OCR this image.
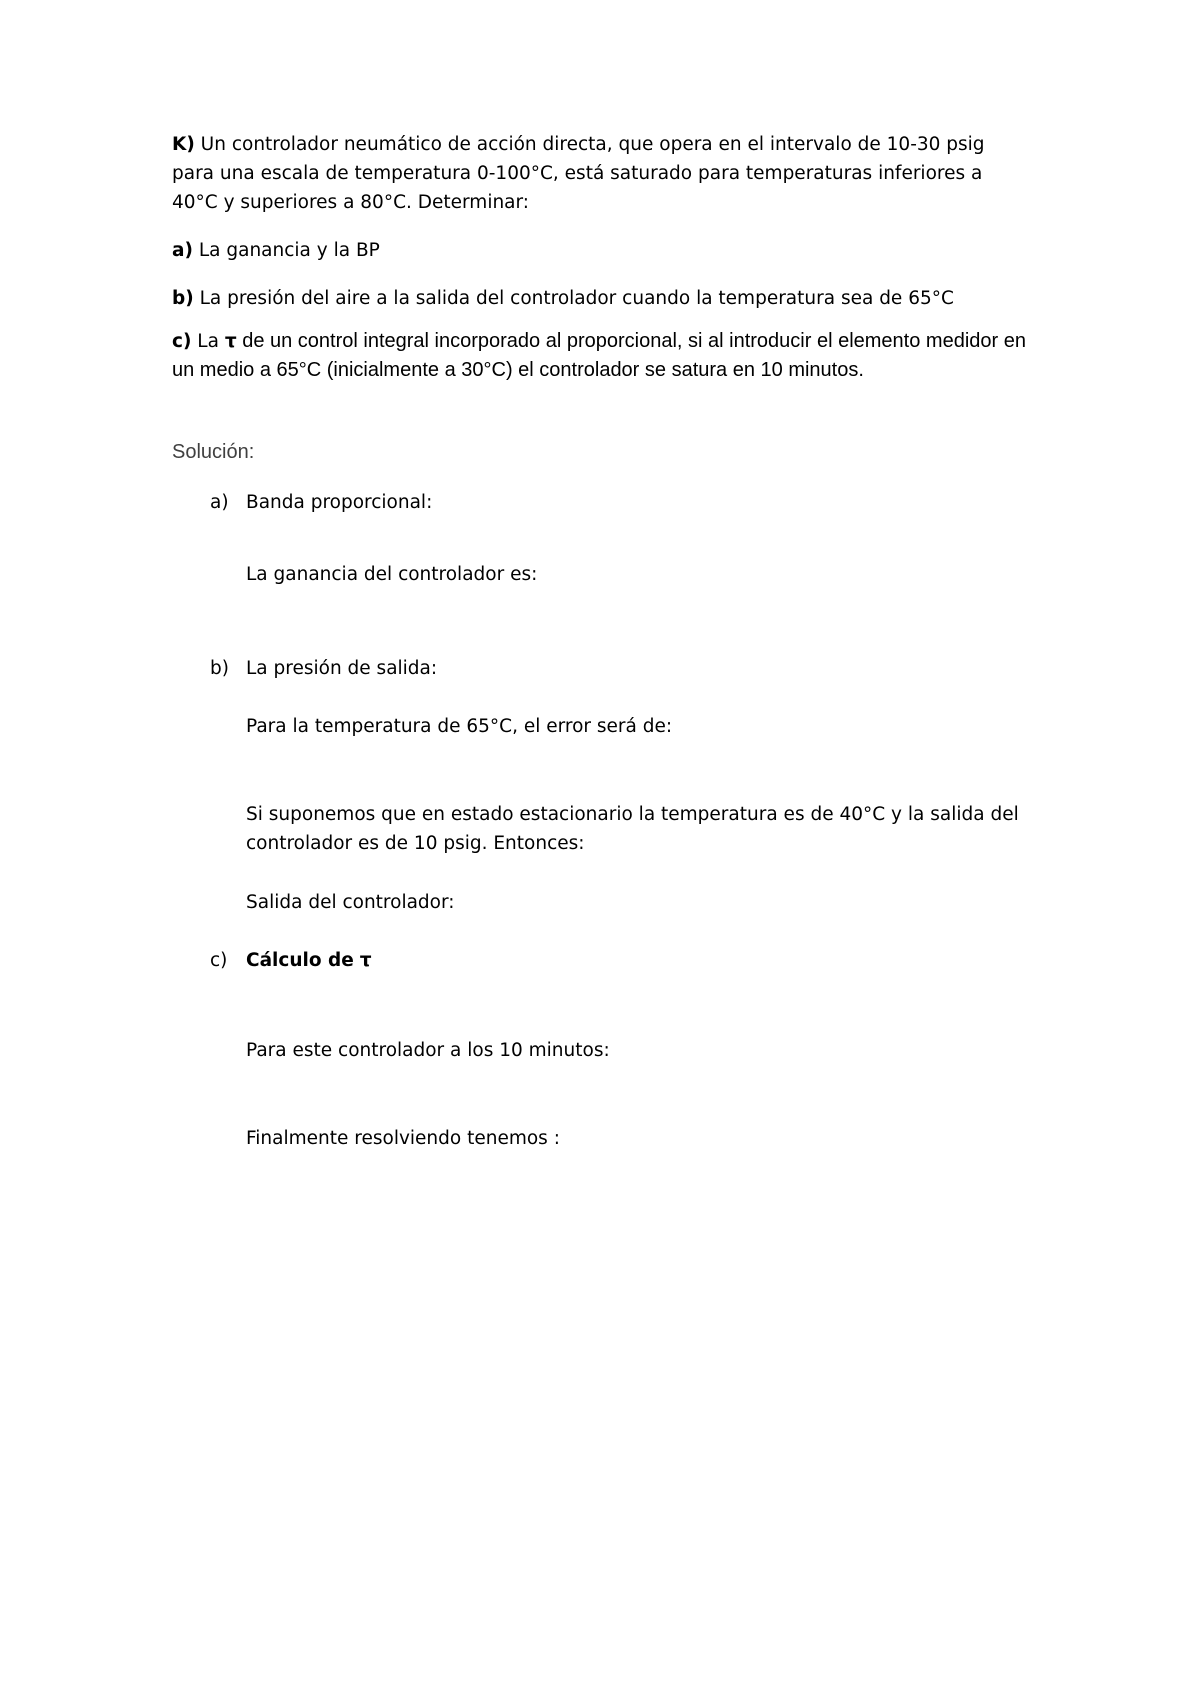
K) Un controlador neumático de acción directa, que opera en el intervalo de 10-30 psig para una escala de temperatura 0-100°C, está saturado para temperaturas inferiores a 40°C y superiores a 80°C. Determinar:

a) La ganancia y la BP

b) La presión del aire a la salida del controlador cuando la temperatura sea de 65°C

c) La τ de un control integral incorporado al proporcional, si al introducir el elemento medidor en un medio a 65°C (inicialmente a 30°C) el controlador se satura en 10 minutos.

Solución:
a) Banda proporcional:
La ganancia del controlador es:
b) La presión de salida:
Para la temperatura de 65°C, el error será de:
Si suponemos que en estado estacionario la temperatura es de 40°C y la salida del controlador es de 10 psig. Entonces:
Salida del controlador:
c) Cálculo de τ
Para este controlador a los 10 minutos:
Finalmente resolviendo tenemos :
